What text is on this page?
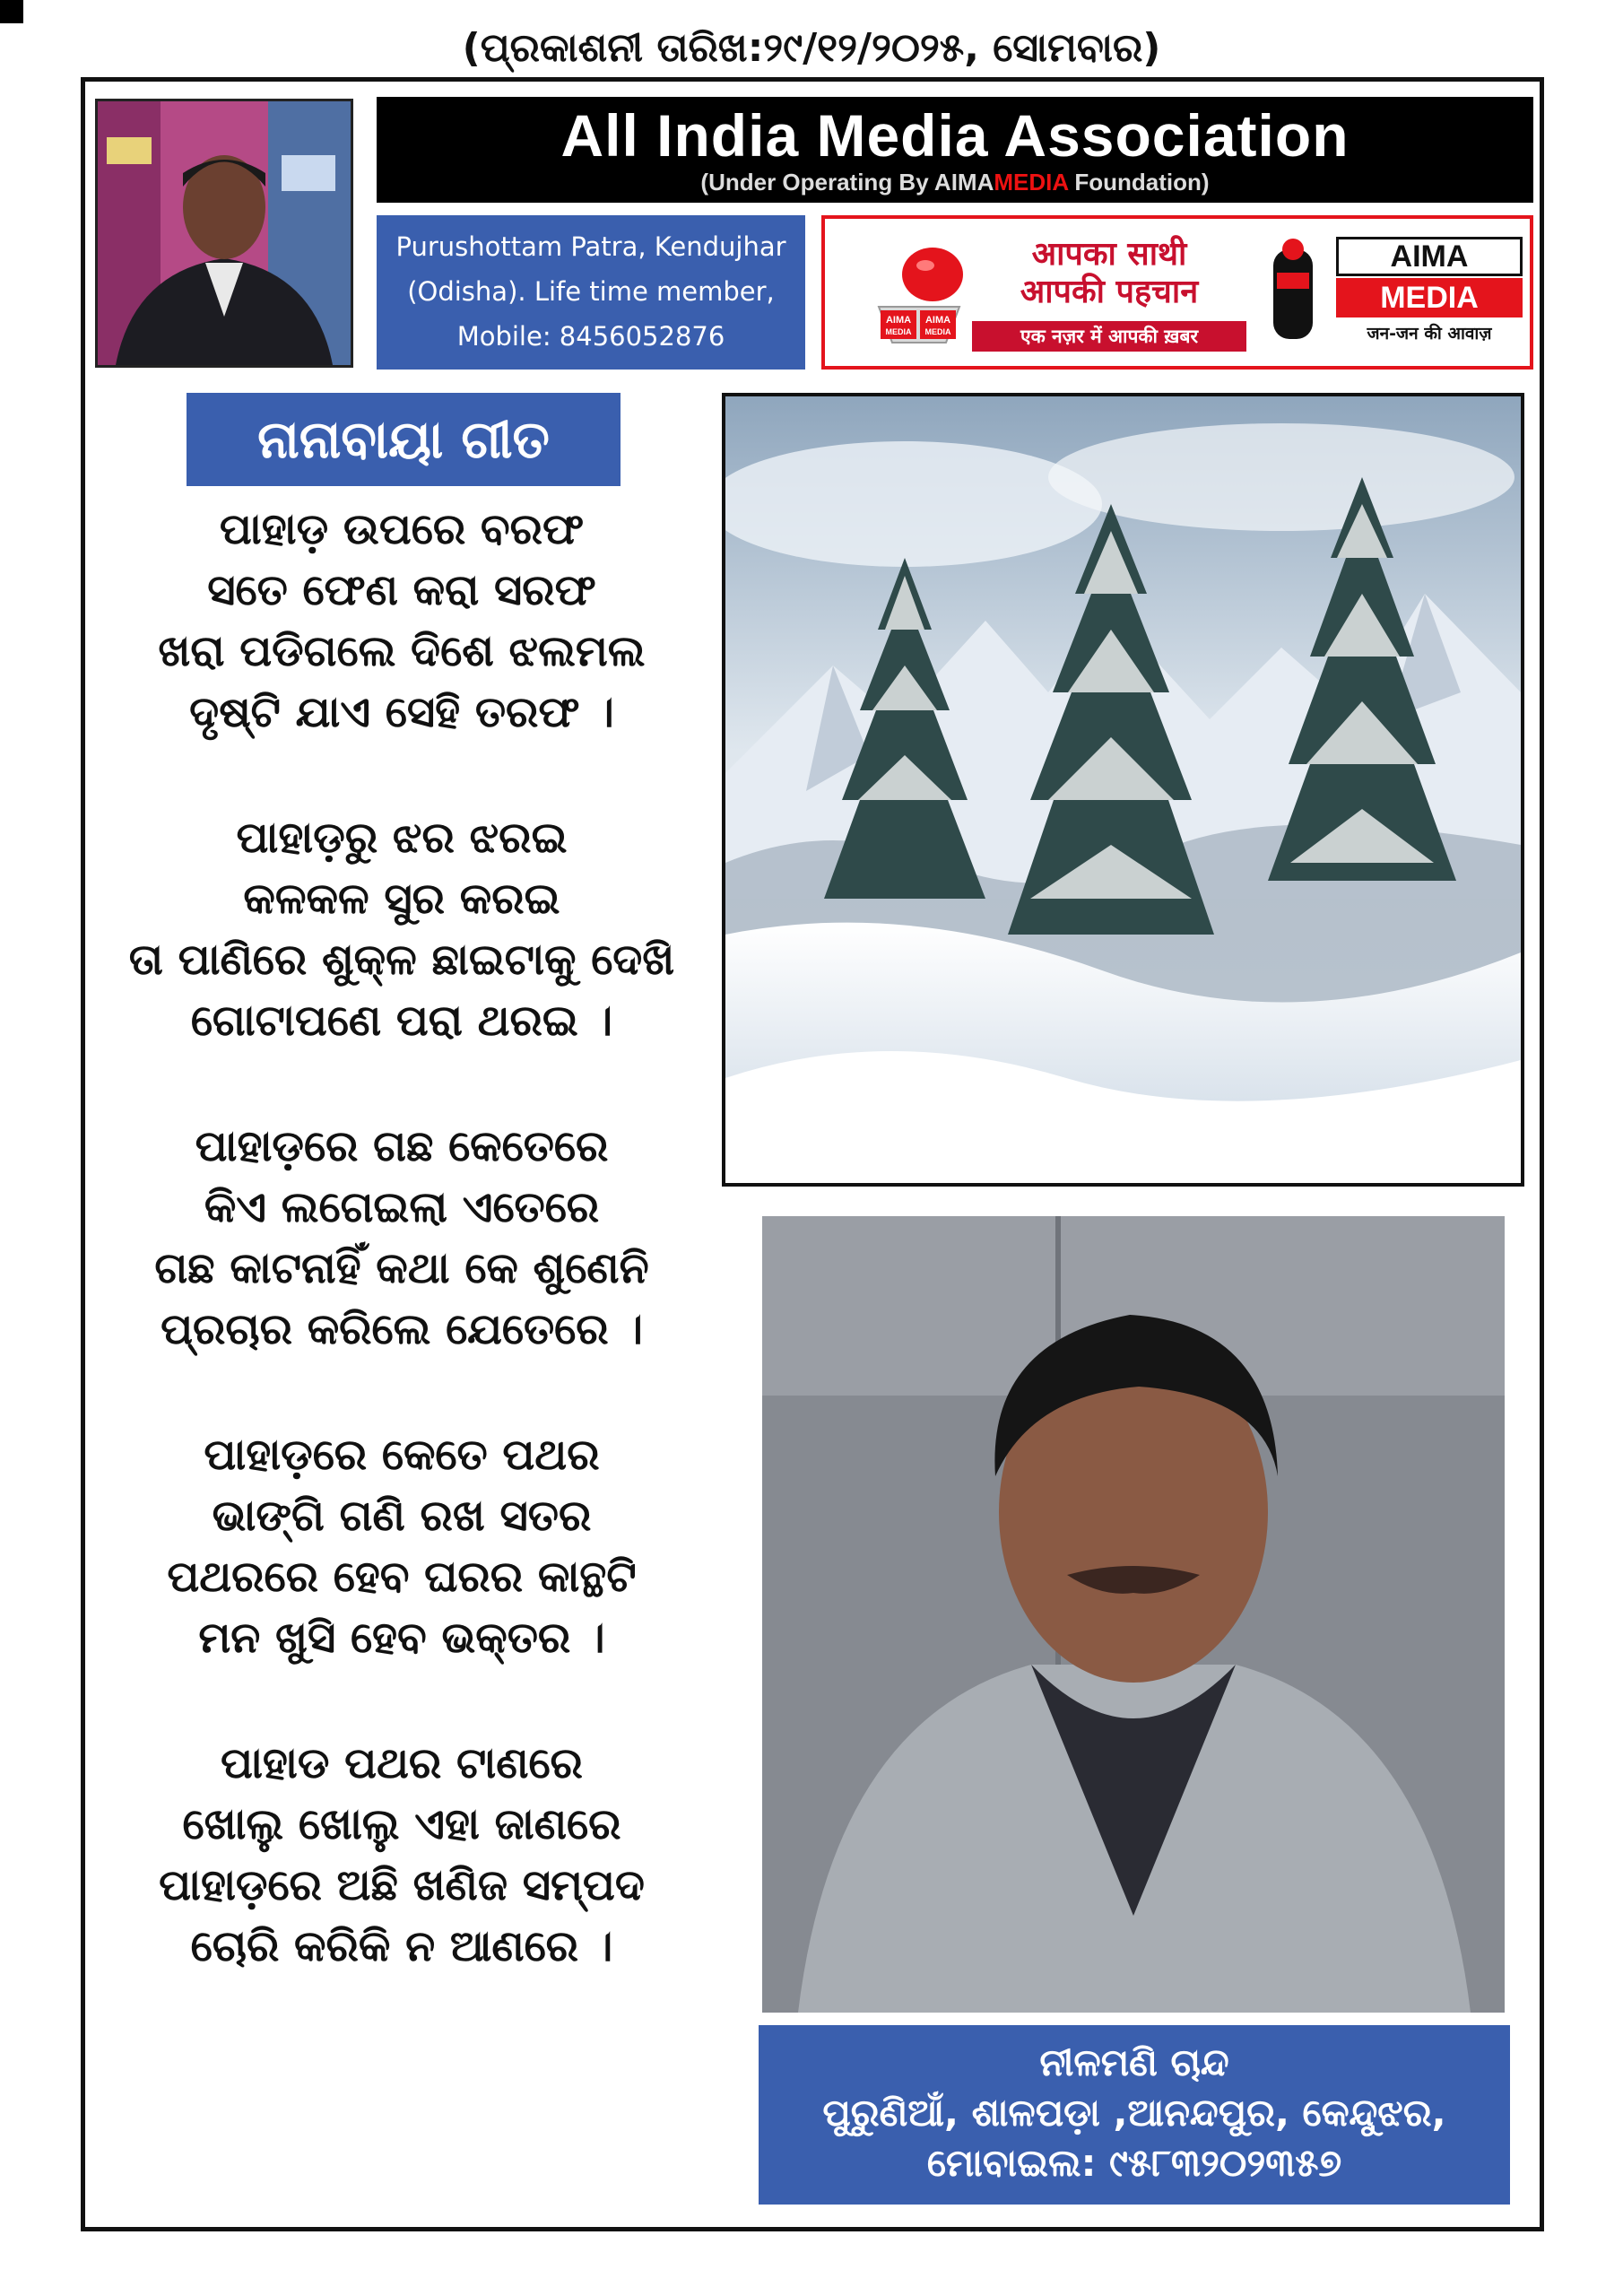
(ପ୍ରକାଶନୀ ତାରିଖ:୨୯/୧୨/୨୦୨୫, ସୋମବାର)
All India Media Association
(Under Operating By AIMAMEDIA Foundation)
Purushottam Patra, Kendujhar
(Odisha). Life time member,
Mobile: 8456052876
AIMA
MEDIA
AIMA
MEDIA
आपका साथी
आपकी पहचान
एक नज़र में आपकी ख़बर
AIMA
MEDIA
जन-जन की आवाज़
ନାନାବାୟା ଗୀତ
ପାହାଡ଼ ଉପରେ ବରଫ
ସତେ ଫେଣ କରା ସରଫ
ଖରା ପଡିଗଲେ ଦିଶେ ଝଲମଲ
ଦୃଷ୍ଟି ଯାଏ ସେହି ତରଫ ।
ପାହାଡ଼ରୁ ଝର ଝରଇ
କଳକଳ ସୁର କରଇ
ତା ପାଣିରେ ଶୁକ୍ଳ ଛାଇଟାକୁ ଦେଖି
ଗୋଟାପଣେ ପରା ଥରଇ ।
ପାହାଡ଼ରେ ଗଛ କେତେରେ
କିଏ ଲଗେଇଲା ଏତେରେ
ଗଛ କାଟନାହିଁ କଥା କେ ଶୁଣେନି
ପ୍ରଚାର କରିଲେ ଯେତେରେ ।
ପାହାଡ଼ରେ କେତେ ପଥର
ଭାଙ୍ଗି ଗଣି ରଖ ସତର
ପଥରରେ ହେବ ଘରର କାନ୍ଥଟି
ମନ ଖୁସି ହେବ ଭକ୍ତର ।
ପାହାଡ ପଥର ଟାଣରେ
ଖୋଲୁ ଖୋଲୁ ଏହା ଜାଣରେ
ପାହାଡ଼ରେ ଅଛି ଖଣିଜ ସମ୍ପଦ
ଚୋରି କରିକି ନ ଆଣରେ ।
ନୀଳମଣି ଚାନ୍ଦ
ପୁରୁଣିଆଁ, ଶାଳପଡ଼ା ,ଆନନ୍ଦପୁର, କେନ୍ଦୁଝର,
ମୋବାଇଲ: ୯୫୮୩୨୦୨୩୫୭
